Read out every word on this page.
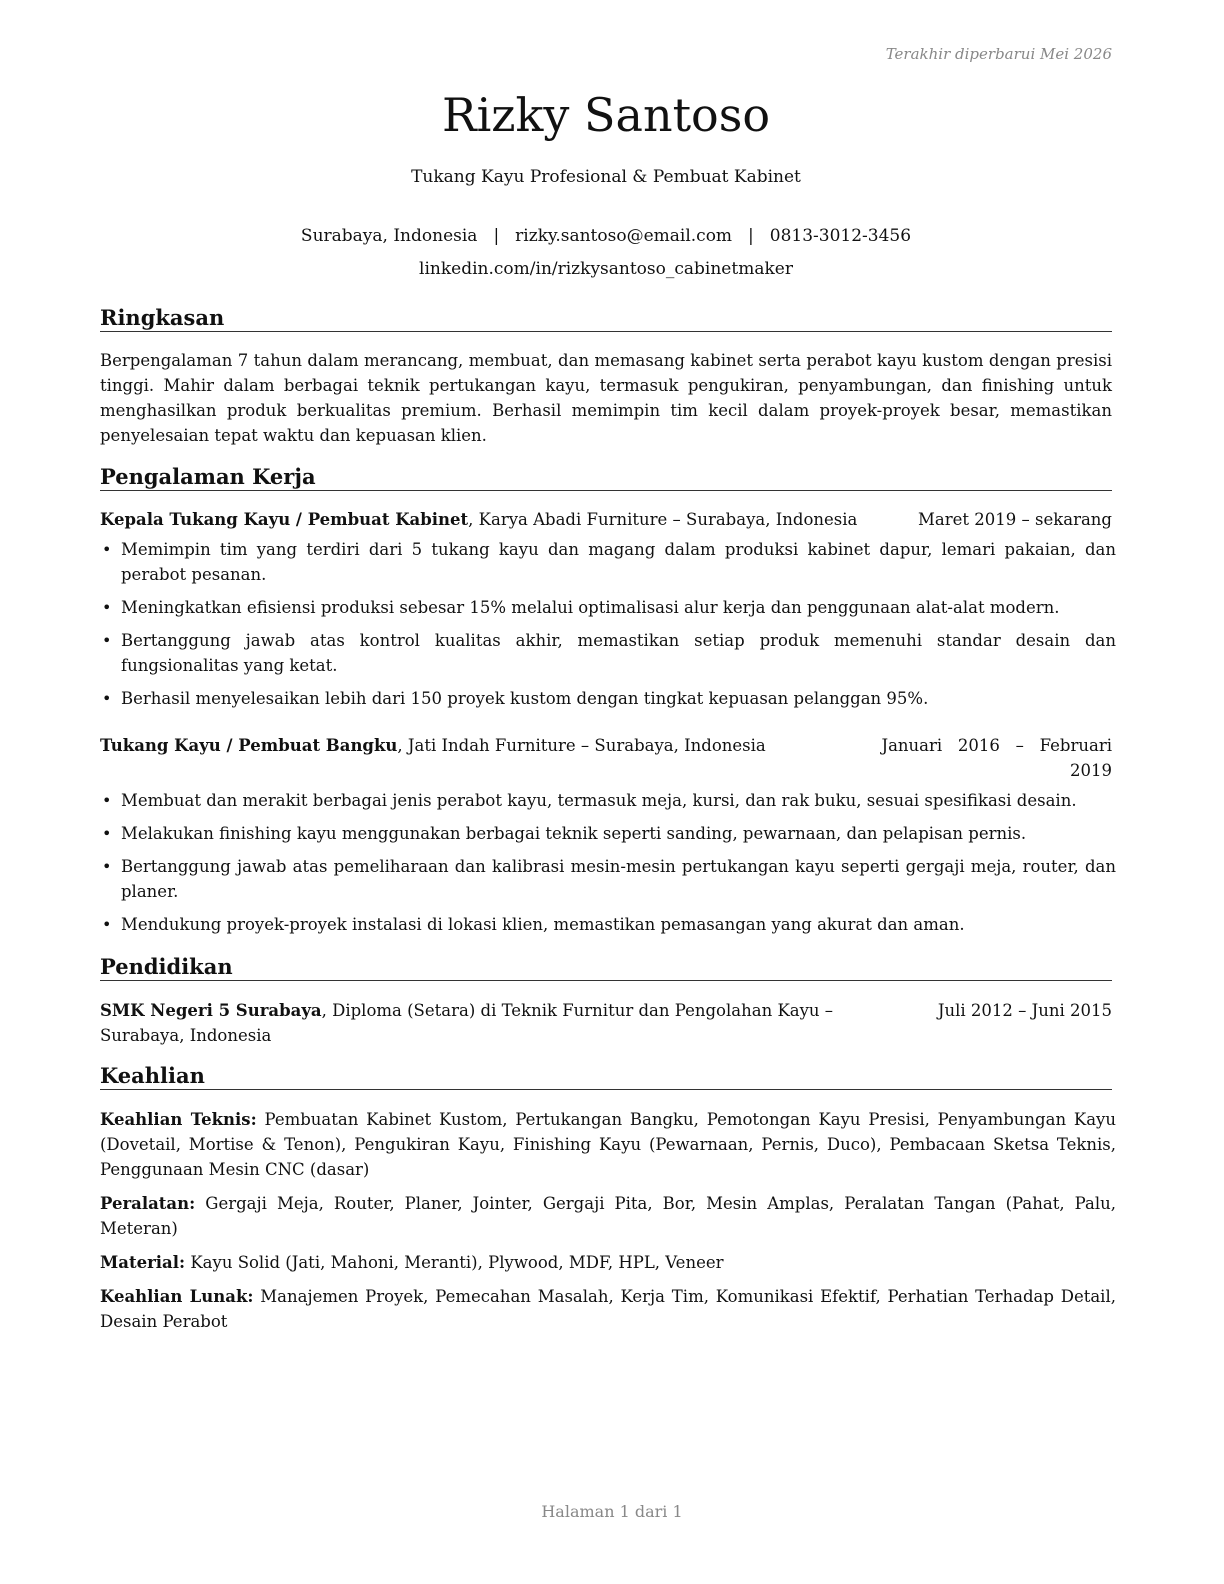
Terakhir diperbarui Mei 2026
Rizky Santoso
Tukang Kayu Profesional & Pembuat Kabinet
Surabaya, Indonesia | rizky.santoso@email.com | 0813-3012-3456
linkedin.com/in/rizkysantoso_cabinetmaker
Ringkasan
Berpengalaman 7 tahun dalam merancang, membuat, dan memasang kabinet serta perabot kayu kustom dengan presisi tinggi. Mahir dalam berbagai teknik pertukangan kayu, termasuk pengukiran, penyambungan, dan finishing untuk menghasilkan produk berkualitas premium. Berhasil memimpin tim kecil dalam proyek-proyek besar, memastikan penyelesaian tepat waktu dan kepuasan klien.
Pengalaman Kerja
Kepala Tukang Kayu / Pembuat Kabinet, Karya Abadi Furniture – Surabaya, Indonesia	Maret 2019 – sekarang
• Memimpin tim yang terdiri dari 5 tukang kayu dan magang dalam produksi kabinet dapur, lemari pakaian, dan perabot pesanan.
• Meningkatkan efisiensi produksi sebesar 15% melalui optimalisasi alur kerja dan penggunaan alat-alat modern.
• Bertanggung jawab atas kontrol kualitas akhir, memastikan setiap produk memenuhi standar desain dan fungsionalitas yang ketat.
• Berhasil menyelesaikan lebih dari 150 proyek kustom dengan tingkat kepuasan pelanggan 95%.
Tukang Kayu / Pembuat Bangku, Jati Indah Furniture – Surabaya, Indonesia	Januari   2016   –   Februari
2019
• Membuat dan merakit berbagai jenis perabot kayu, termasuk meja, kursi, dan rak buku, sesuai spesifikasi desain.
• Melakukan finishing kayu menggunakan berbagai teknik seperti sanding, pewarnaan, dan pelapisan pernis.
• Bertanggung jawab atas pemeliharaan dan kalibrasi mesin-mesin pertukangan kayu seperti gergaji meja, router, dan planer.
• Mendukung proyek-proyek instalasi di lokasi klien, memastikan pemasangan yang akurat dan aman.
Pendidikan
SMK Negeri 5 Surabaya, Diploma (Setara) di Teknik Furnitur dan Pengolahan Kayu –
Surabaya, Indonesia
Juli 2012 – Juni 2015
Keahlian

Keahlian Teknis: Pembuatan Kabinet Kustom, Pertukangan Bangku, Pemotongan Kayu Presisi, Penyambungan Kayu (Dovetail, Mortise & Tenon), Pengukiran Kayu, Finishing Kayu (Pewarnaan, Pernis, Duco), Pembacaan Sketsa Teknis, Penggunaan Mesin CNC (dasar)

Peralatan: Gergaji Meja, Router, Planer, Jointer, Gergaji Pita, Bor, Mesin Amplas, Peralatan Tangan (Pahat, Palu, Meteran)

Material: Kayu Solid (Jati, Mahoni, Meranti), Plywood, MDF, HPL, Veneer

Keahlian Lunak: Manajemen Proyek, Pemecahan Masalah, Kerja Tim, Komunikasi Efektif, Perhatian Terhadap Detail, Desain Perabot

Halaman 1 dari 1
